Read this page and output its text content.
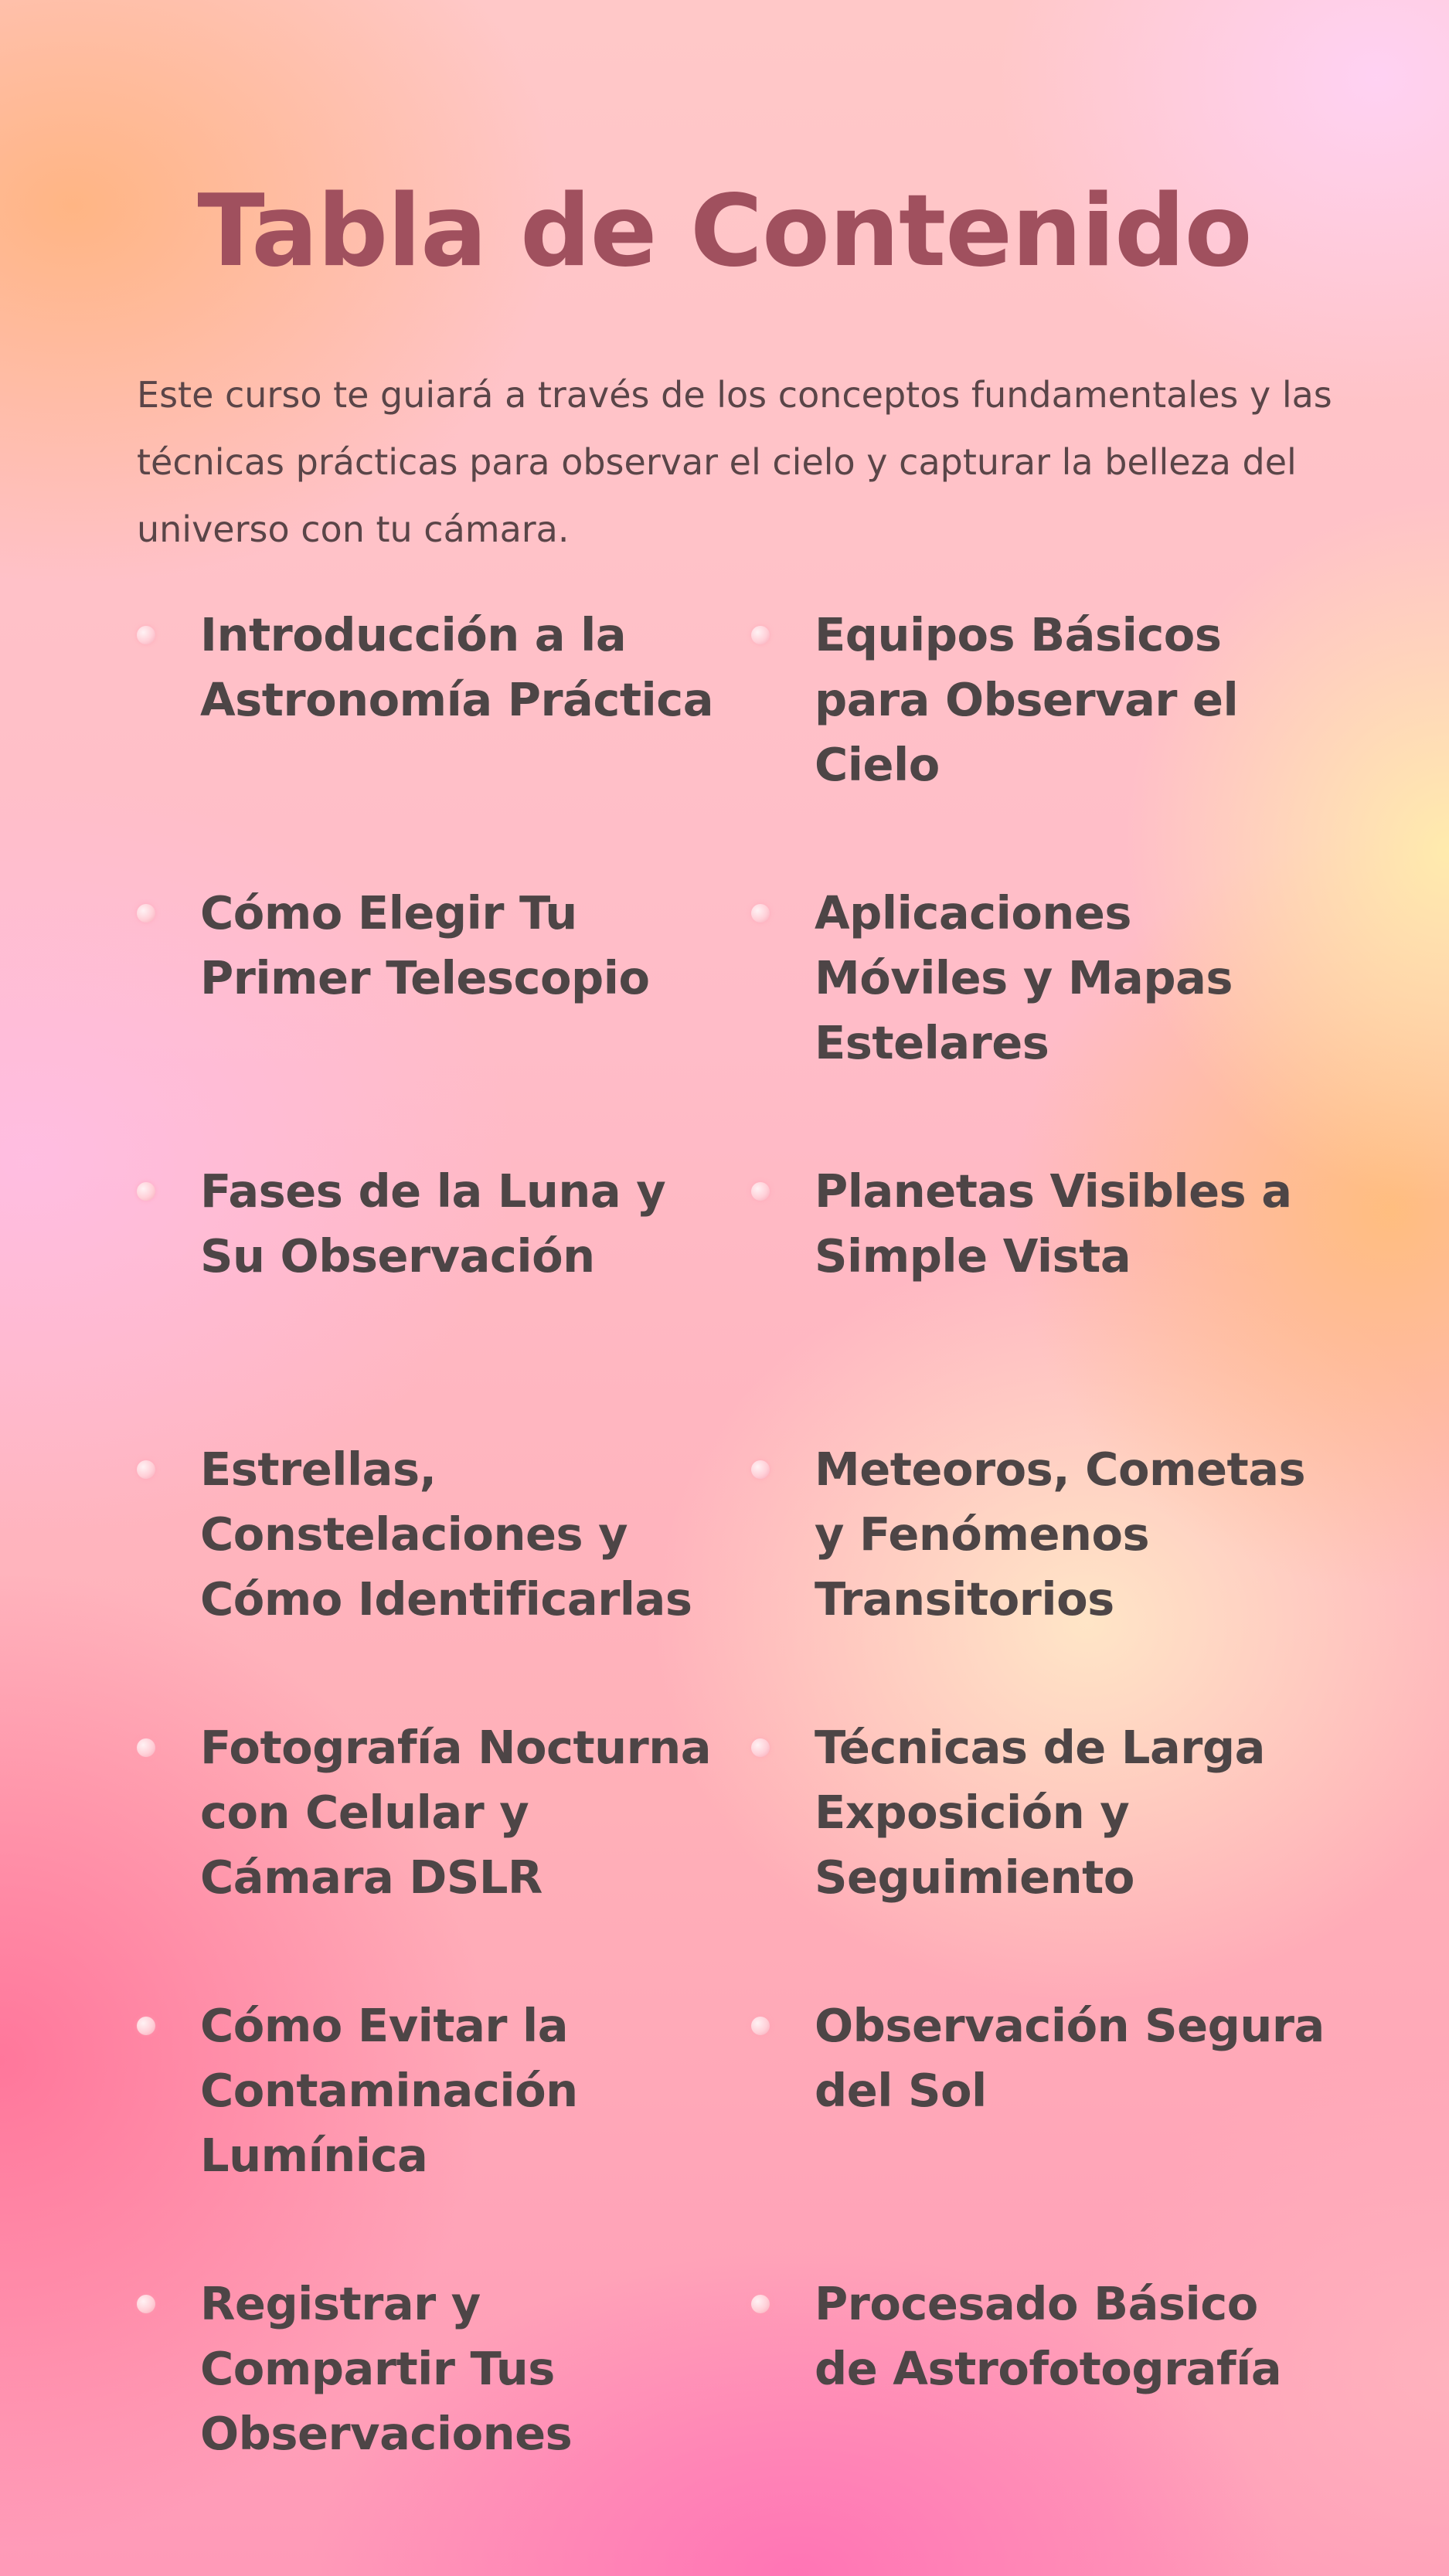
Tabla de Contenido

Este curso te guiará a través de los conceptos fundamentales y las técnicas prácticas para observar el cielo y capturar la belleza del universo con tu cámara.

Introducción a la Astronomía Práctica
Equipos Básicos para Observar el Cielo
Cómo Elegir Tu Primer Telescopio
Aplicaciones Móviles y Mapas Estelares
Fases de la Luna y Su Observación
Planetas Visibles a Simple Vista
Estrellas, Constelaciones y Cómo Identificarlas
Meteoros, Cometas y Fenómenos Transitorios
Fotografía Nocturna con Celular y Cámara DSLR
Técnicas de Larga Exposición y Seguimiento
Cómo Evitar la Contaminación Lumínica
Observación Segura del Sol
Registrar y Compartir Tus Observaciones
Procesado Básico de Astrofotografía
